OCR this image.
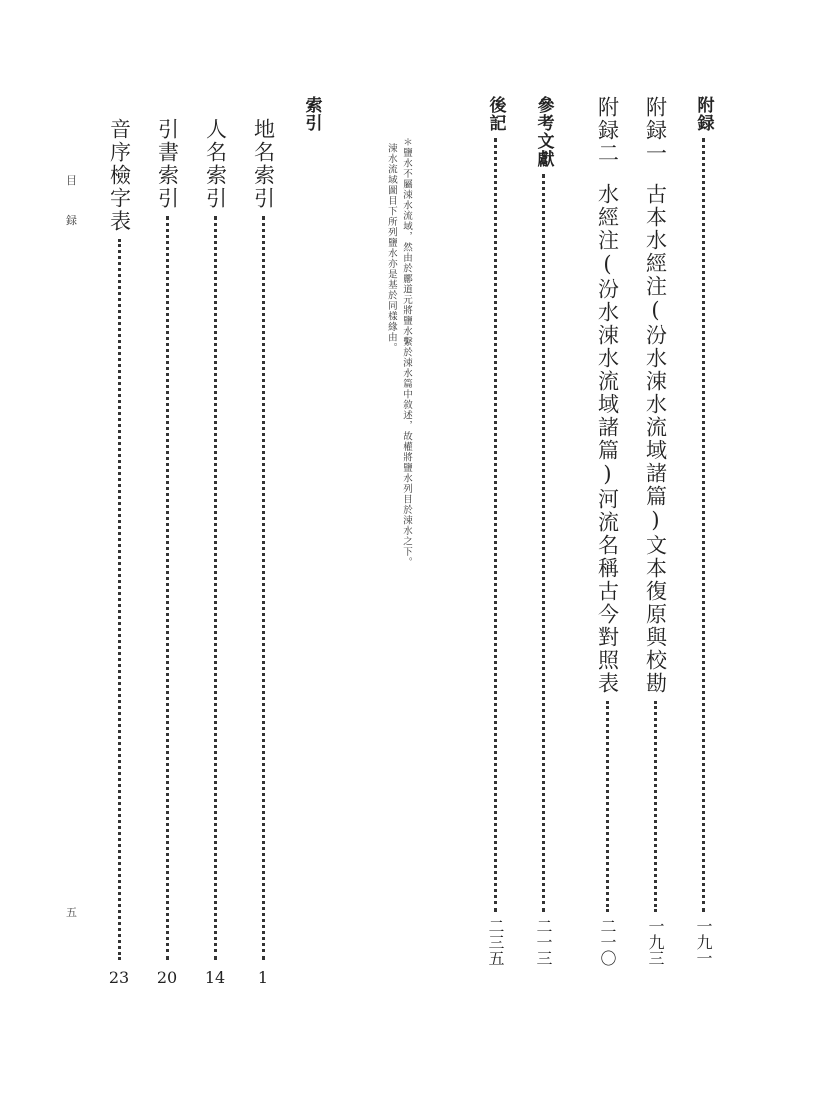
目
録
五
附録
一九一
附録一
古本水經注(汾水涑水流域諸篇)文本復原與校勘
一九三
附録二
水經注(汾水涑水流域諸篇)河流名稱古今對照表
二一〇
參考文獻
二一三
後記
二三五
＊鹽水不屬涑水流域，然由於酈道元將鹽水繫於涑水篇中敘述，故權將鹽水列目於涑水之下。
涑水流域圖目下所列鹽水亦是基於同樣緣由。
索引
地名索引
1
人名索引
14
引書索引
20
音序檢字表
23
